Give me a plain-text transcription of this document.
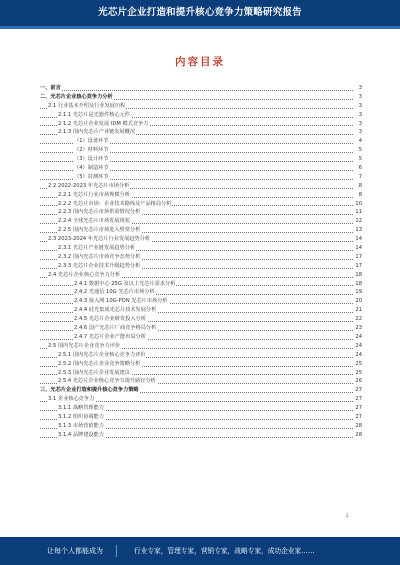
光芯片企业打造和提升核心竞争力策略研究报告
内容目录
一、前言	3
二、光芯片企业核心竞争力分析	3
2.1 行业基本介绍及行业发展历程	3
2.1.1 光芯片是光器件核心元件	3
2.1.2 光芯片企业发展 IDM 模式竞争力	3
2.1.3 国内光芯片产业链发展概况	3
（1）设备环节	4
（2）材料环节	5
（3）设计环节	5
（4）制造环节	6
（5）封测环节	7
2.2 2022-2023 年光芯片市场分析	8
2.2.1 光芯片行业市场规模分析	8
2.2.2 光芯片市场：企业技术路线及产品格局分析	10
2.2.3 国内光芯片市场供需情况分析	11
2.2.4 全球光芯片市场发展现状	12
2.2.5 国内光芯片市场进入壁垒分析	13
2.3 2023-2024 年光芯片行业发展趋势分析	14
2.3.1 光芯片产业链发展趋势分析	14
2.3.2 国内光芯片市场竞争态势分析	17
2.3.3 光芯片企业技术升级趋势分析	17
2.4 光芯片企业核心竞争力分析	18
2.4.1 数据中心 25G 及以上光芯片需求分析	18
2.4.2 光通信 10G 光芯片市场分析	19
2.4.3 接入网 10G-PON 光芯片市场分析	20
2.4.4 硅光集成光芯片技术发展分析	21
2.4.5 光芯片企业研发投入分析	22
2.4.6 国产光芯片厂商竞争格局分析	23
2.4.7 光芯片企业产能布局分析	24
2.5 国内光芯片企业竞争力评价	24
2.5.1 国内光芯片企业核心竞争力评价	24
2.5.2 国内光芯片企业竞争策略分析	25
2.5.3 国内光芯片企业发展建议	25
2.5.4 光芯片企业核心竞争力提升路径分析	26
三、光芯片企业打造和提升核心竞争力策略	27
3.1 企业核心竞争力	27
3.1.1 战略管理能力	27
3.1.2 组织协调能力	27
3.1.3 市场营销能力	28
3.1.4 品牌建设能力	28
2
让每个人都能成为	行业专家，管理专家，营销专家，战略专家，成功企业家……
